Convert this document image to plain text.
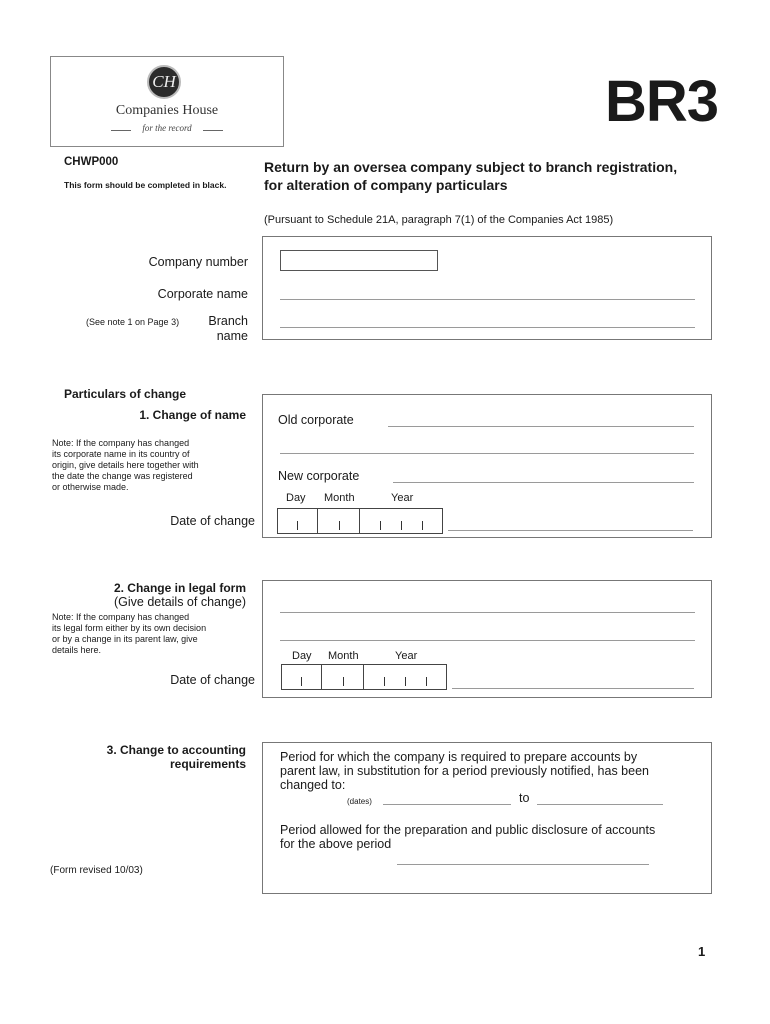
CH
Companies House
for the record	BR3
CHWP000
This form should be completed in black.
Return by an oversea company subject to branch registration,
for alteration of company particulars
(Pursuant to Schedule 21A, paragraph 7(1) of the Companies Act 1985)
Company number
Corporate name
(See note 1 on Page 3)	Branch
name
Particulars of change
1. Change of name
Note: If the company has changed
its corporate name in its country of
origin, give details here together with
the date the change was registered
or otherwise made.
Date of change
Old corporate
New corporate
Day Month	Year
2. Change in legal form
(Give details of change)
Note: If the company has changed
its legal form either by its own decision
or by a change in its parent law, give
details here.
Date of change
Day Month	Year
3. Change to accounting
requirements	Period for which the company is required to prepare accounts by
parent law, in substitution for a period previously notified, has been
changed to:
(dates)	to
Period allowed for the preparation and public disclosure of accounts
for the above period
(Form revised 10/03)
1
